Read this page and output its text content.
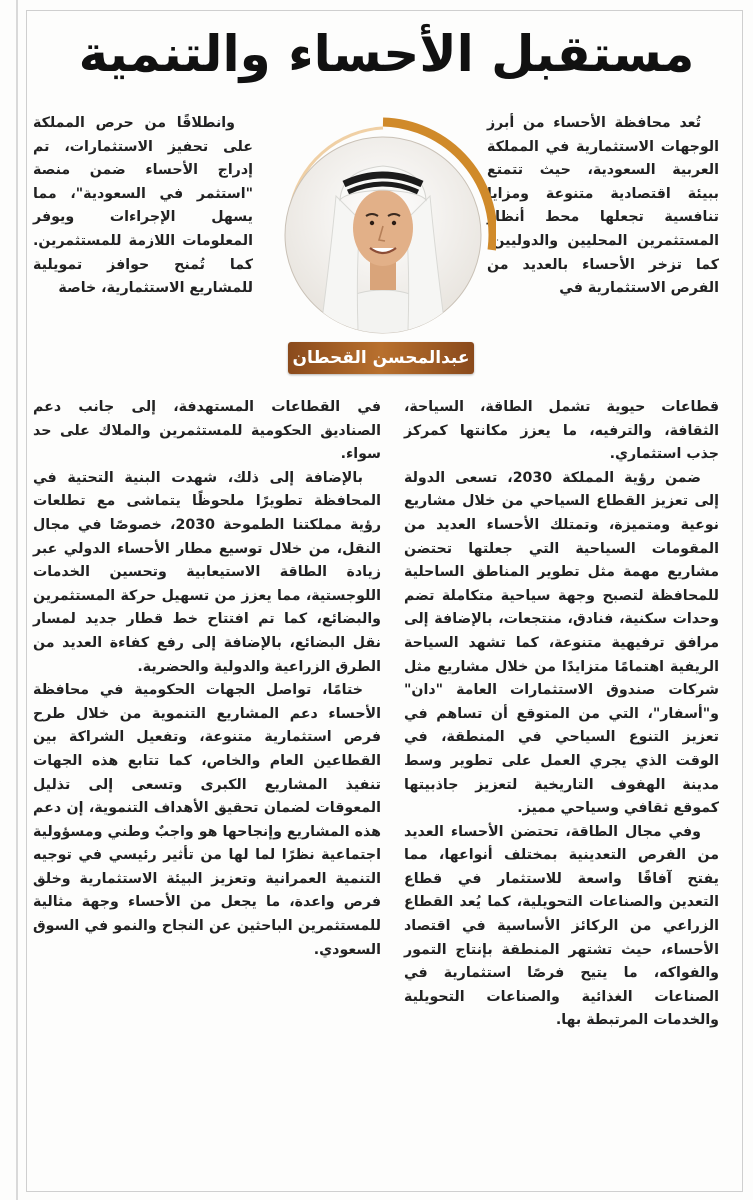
مستقبل الأحساء والتنمية

تُعد محافظة الأحساء من أبرز الوجهات الاستثمارية في المملكة العربية السعودية، حيث تتمتع ببيئة اقتصادية متنوعة ومزايا تنافسية تجعلها محط أنظار المستثمرين المحليين والدوليين. كما تزخر الأحساء بالعديد من الفرص الاستثمارية في

وانطلاقًا من حرص المملكة على تحفيز الاستثمارات، تم إدراج الأحساء ضمن منصة "استثمر في السعودية"، مما يسهل الإجراءات ويوفر المعلومات اللازمة للمستثمرين. كما تُمنح حوافز تمويلية للمشاريع الاستثمارية، خاصة

عبدالمحسن القحطان

قطاعات حيوية تشمل الطاقة، السياحة، الثقافة، والترفيه، ما يعزز مكانتها كمركز جذب استثماري.

ضمن رؤية المملكة 2030، تسعى الدولة إلى تعزيز القطاع السياحي من خلال مشاريع نوعية ومتميزة، وتمتلك الأحساء العديد من المقومات السياحية التي جعلتها تحتضن مشاريع مهمة مثل تطوير المناطق الساحلية للمحافظة لتصبح وجهة سياحية متكاملة تضم وحدات سكنية، فنادق، منتجعات، بالإضافة إلى مرافق ترفيهية متنوعة، كما تشهد السياحة الريفية اهتمامًا متزايدًا من خلال مشاريع مثل شركات صندوق الاستثمارات العامة "دان" و"أسفار"، التي من المتوقع أن تساهم في تعزيز التنوع السياحي في المنطقة، في الوقت الذي يجري العمل على تطوير وسط مدينة الهفوف التاريخية لتعزيز جاذبيتها كموقع ثقافي وسياحي مميز.

وفي مجال الطاقة، تحتضن الأحساء العديد من الفرص التعدينية بمختلف أنواعها، مما يفتح آفاقًا واسعة للاستثمار في قطاع التعدين والصناعات التحويلية، كما يُعد القطاع الزراعي من الركائز الأساسية في اقتصاد الأحساء، حيث تشتهر المنطقة بإنتاج التمور والفواكه، ما يتيح فرصًا استثمارية في الصناعات الغذائية والصناعات التحويلية والخدمات المرتبطة بها.

في القطاعات المستهدفة، إلى جانب دعم الصناديق الحكومية للمستثمرين والملاك على حد سواء.

بالإضافة إلى ذلك، شهدت البنية التحتية في المحافظة تطويرًا ملحوظًا يتماشى مع تطلعات رؤية مملكتنا الطموحة 2030، خصوصًا في مجال النقل، من خلال توسيع مطار الأحساء الدولي عبر زيادة الطاقة الاستيعابية وتحسين الخدمات اللوجستية، مما يعزز من تسهيل حركة المستثمرين والبضائع، كما تم افتتاح خط قطار جديد لمسار نقل البضائع، بالإضافة إلى رفع كفاءة العديد من الطرق الزراعية والدولية والحضرية.

ختامًا، تواصل الجهات الحكومية في محافظة الأحساء دعم المشاريع التنموية من خلال طرح فرص استثمارية متنوعة، وتفعيل الشراكة بين القطاعين العام والخاص، كما تتابع هذه الجهات تنفيذ المشاريع الكبرى وتسعى إلى تذليل المعوقات لضمان تحقيق الأهداف التنموية، إن دعم هذه المشاريع وإنجاحها هو واجبٌ وطني ومسؤولية اجتماعية نظرًا لما لها من تأثير رئيسي في توجيه التنمية العمرانية وتعزيز البيئة الاستثمارية وخلق فرص واعدة، ما يجعل من الأحساء وجهة مثالية للمستثمرين الباحثين عن النجاح والنمو في السوق السعودي.
